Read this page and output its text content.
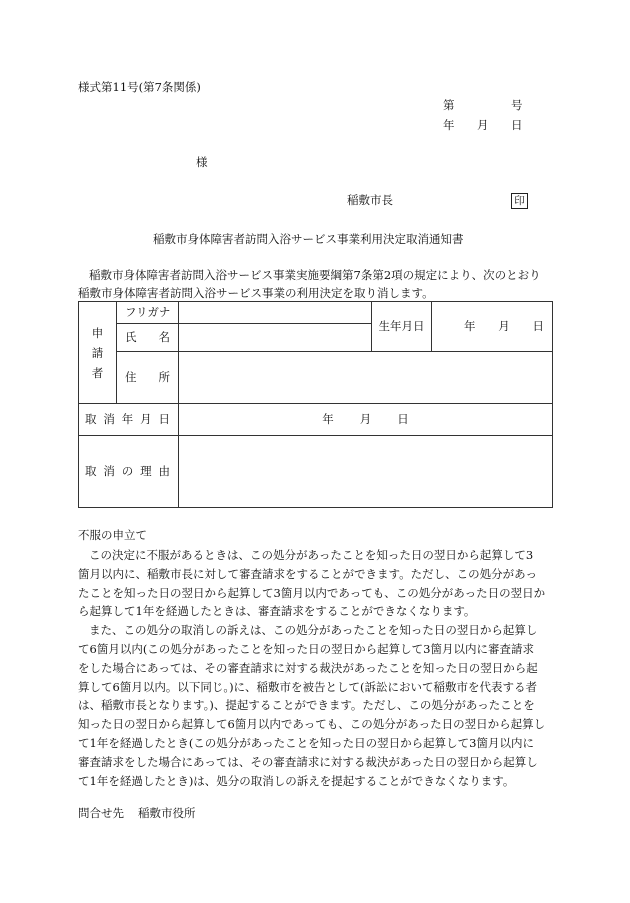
様式第11号(第7条関係)
第	号
年 月 日
様
稲敷市長	印
稲敷市身体障害者訪問入浴サービス事業利用決定取消通知書
稲敷市身体障害者訪問入浴サービス事業実施要綱第7条第2項の規定により、次のとおり
稲敷市身体障害者訪問入浴サービス事業の利用決定を取り消します。
申 請 者	フリガナ		生年月日	年 月 日

	氏 名			

	住 所			

取 消 年 月 日		年 月 日		

取 消 の 理 由				

不服の申立て
この決定に不服があるときは、この処分があったことを知った日の翌日から起算して3
箇月以内に、稲敷市長に対して審査請求をすることができます。ただし、この処分があっ
たことを知った日の翌日から起算して3箇月以内であっても、この処分があった日の翌日か
ら起算して1年を経過したときは、審査請求をすることができなくなります。
また、この処分の取消しの訴えは、この処分があったことを知った日の翌日から起算し
て6箇月以内(この処分があったことを知った日の翌日から起算して3箇月以内に審査請求
をした場合にあっては、その審査請求に対する裁決があったことを知った日の翌日から起
算して6箇月以内。以下同じ。)に、稲敷市を被告として(訴訟において稲敷市を代表する者
は、稲敷市長となります。)、提起することができます。ただし、この処分があったことを
知った日の翌日から起算して6箇月以内であっても、この処分があった日の翌日から起算し
て1年を経過したとき(この処分があったことを知った日の翌日から起算して3箇月以内に
審査請求をした場合にあっては、その審査請求に対する裁決があった日の翌日から起算し
て1年を経過したとき)は、処分の取消しの訴えを提起することができなくなります。
問合せ先 稲敷市役所
